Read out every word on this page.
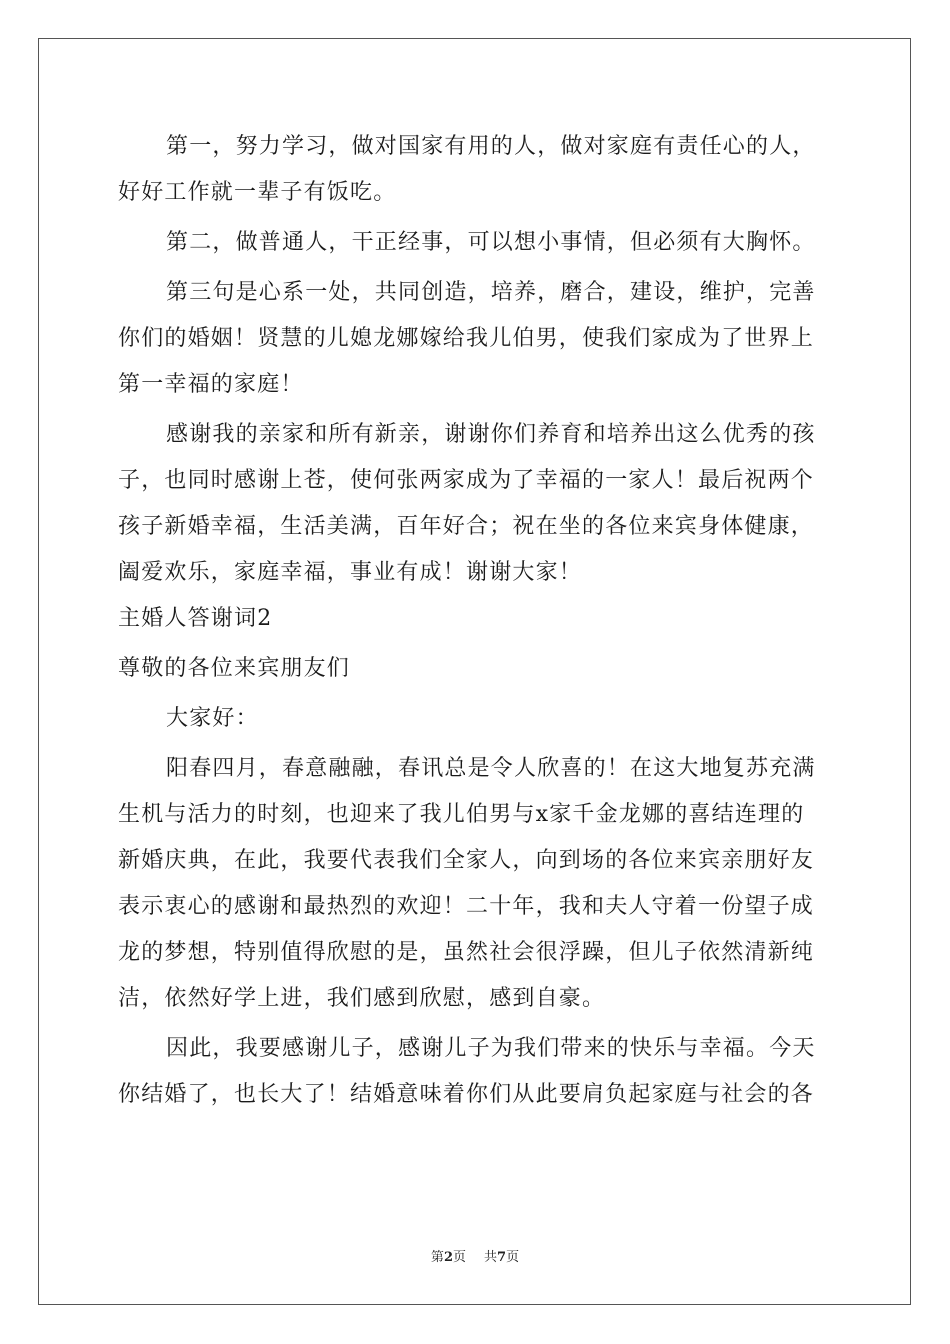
第一，努力学习，做对国家有用的人，做对家庭有责任心的人，
好好工作就一辈子有饭吃。

第二，做普通人，干正经事，可以想小事情，但必须有大胸怀。

第三句是心系一处，共同创造，培养，磨合，建设，维护，完善
你们的婚姻！贤慧的儿媳龙娜嫁给我儿伯男，使我们家成为了世界上
第一幸福的家庭！

感谢我的亲家和所有新亲，谢谢你们养育和培养出这么优秀的孩
子，也同时感谢上苍，使何张两家成为了幸福的一家人！最后祝两个
孩子新婚幸福，生活美满，百年好合；祝在坐的各位来宾身体健康，
阖爱欢乐，家庭幸福，事业有成！谢谢大家！

主婚人答谢词2

尊敬的各位来宾朋友们

大家好：

阳春四月，春意融融，春讯总是令人欣喜的！在这大地复苏充满
生机与活力的时刻，也迎来了我儿伯男与x家千金龙娜的喜结连理的
新婚庆典，在此，我要代表我们全家人，向到场的各位来宾亲朋好友
表示衷心的感谢和最热烈的欢迎！二十年，我和夫人守着一份望子成
龙的梦想，特别值得欣慰的是，虽然社会很浮躁，但儿子依然清新纯
洁，依然好学上进，我们感到欣慰，感到自豪。

因此，我要感谢儿子，感谢儿子为我们带来的快乐与幸福。今天
你结婚了，也长大了！结婚意味着你们从此要肩负起家庭与社会的各

第2页 共7页
